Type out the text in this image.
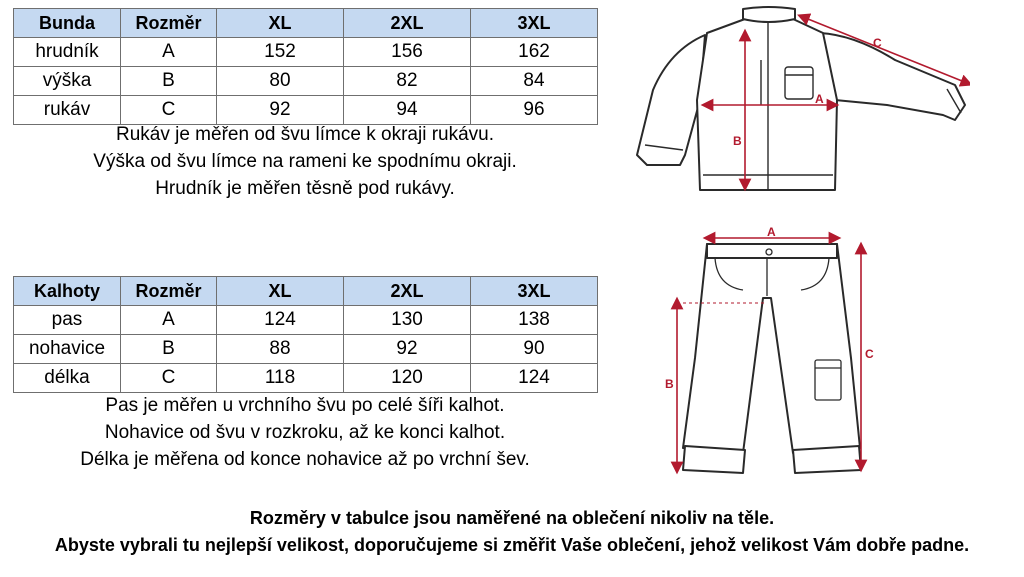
Bunda	Rozměr	XL	2XL	3XL
hrudník	A	152	156	162
výška	B	80	82	84
rukáv	C	92	94	96
Rukáv je měřen od švu límce k okraji rukávu.
Výška od švu límce na rameni ke spodnímu okraji.
Hrudník je měřen těsně pod rukávy.
Kalhoty	Rozměr	XL	2XL	3XL
pas	A	124	130	138
nohavice	B	88	92	90
délka	C	118	120	124
Pas je měřen u vrchního švu po celé šíři kalhot.
Nohavice od švu v rozkroku, až ke konci kalhot.
Délka je měřena od konce nohavice až po vrchní šev.
A
B
C
A
B
C
Rozměry v tabulce jsou naměřené na oblečení nikoliv na těle.
Abyste vybrali tu nejlepší velikost, doporučujeme si změřit Vaše oblečení, jehož velikost Vám dobře padne.
